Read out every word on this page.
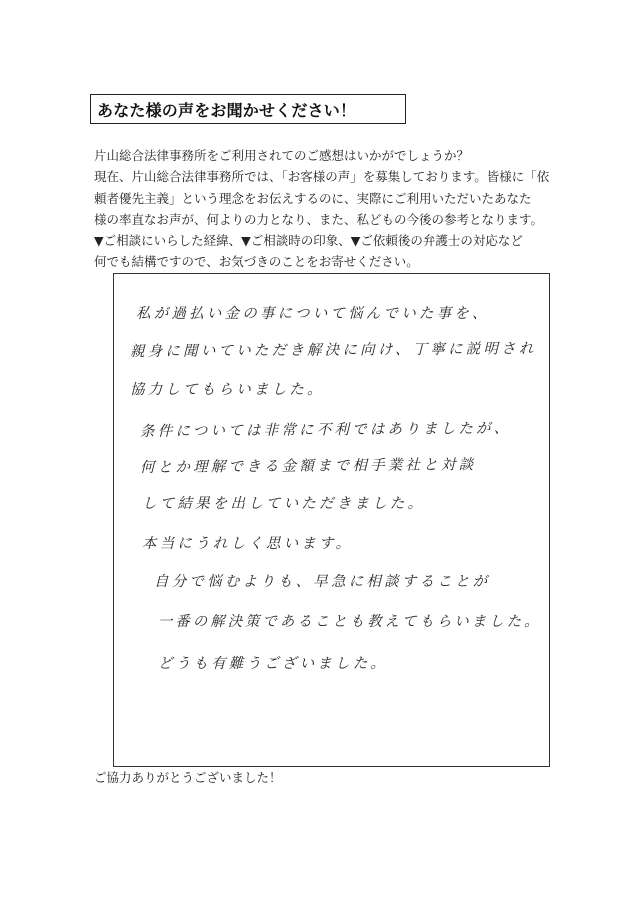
あなた様の声をお聞かせください！

片山総合法律事務所をご利用されてのご感想はいかがでしょうか？

現在、片山総合法律事務所では、「お客様の声」を募集しております。皆様に「依

頼者優先主義」という理念をお伝えするのに、実際にご利用いただいたあなた

様の率直なお声が、何よりの力となり、また、私どもの今後の参考となります。

▼ご相談にいらした経緯、▼ご相談時の印象、▼ご依頼後の弁護士の対応など

何でも結構ですので、お気づきのことをお寄せください。

私が過払い金の事について悩んでいた事を、
親身に聞いていただき解決に向け、丁寧に説明され
協力してもらいました。
条件については非常に不利ではありましたが、
何とか理解できる金額まで相手業社と対談
して結果を出していただきました。
本当にうれしく思います。
自分で悩むよりも、早急に相談することが
一番の解決策であることも教えてもらいました。
どうも有難うございました。
ご協力ありがとうございました！
